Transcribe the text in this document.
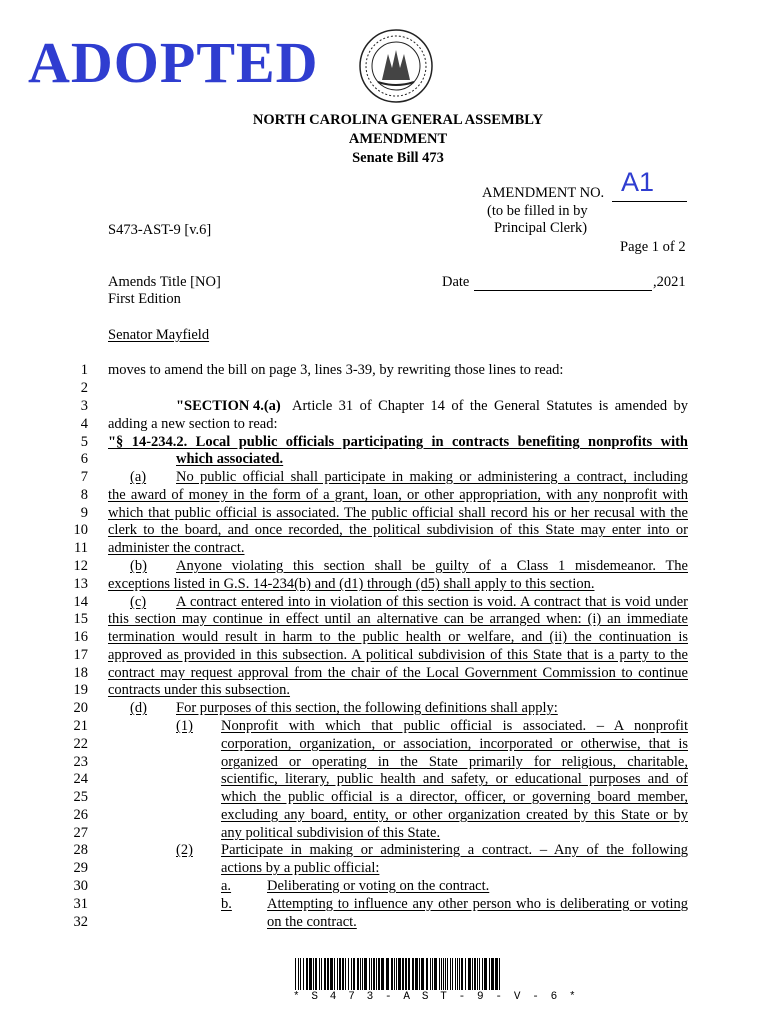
ADOPTED
NORTH CAROLINA GENERAL ASSEMBLY
AMENDMENT
Senate Bill 473
AMENDMENT NO. A1
(to be filled in by
Principal Clerk)
S473-AST-9 [v.6]
Page 1 of 2
Amends Title [NO]
First Edition
Date	,2021
Senator Mayfield
1
2
3
4
5
6
7
8
9
10
11
12
13
14
15
16
17
18
19
20
21
22
23
24
25
26
27
28
29
30
31
32
moves to amend the bill on page 3, lines 3-39, by rewriting those lines to read:
"SECTION 4.(a) Article 31 of Chapter 14 of the General Statutes is amended by
adding a new section to read:
"§ 14-234.2. Local public officials participating in contracts benefiting nonprofits with
which associated.
(a) No public official shall participate in making or administering a contract, including
the award of money in the form of a grant, loan, or other appropriation, with any nonprofit with
which that public official is associated. The public official shall record his or her recusal with the
clerk to the board, and once recorded, the political subdivision of this State may enter into or
administer the contract.
(b) Anyone violating this section shall be guilty of a Class 1 misdemeanor. The
exceptions listed in G.S. 14-234(b) and (d1) through (d5) shall apply to this section.
(c) A contract entered into in violation of this section is void. A contract that is void under
this section may continue in effect until an alternative can be arranged when: (i) an immediate
termination would result in harm to the public health or welfare, and (ii) the continuation is
approved as provided in this subsection. A political subdivision of this State that is a party to the
contract may request approval from the chair of the Local Government Commission to continue
contracts under this subsection.
(d) For purposes of this section, the following definitions shall apply:
(1) Nonprofit with which that public official is associated. – A nonprofit
corporation, organization, or association, incorporated or otherwise, that is
organized or operating in the State primarily for religious, charitable,
scientific, literary, public health and safety, or educational purposes and of
which the public official is a director, officer, or governing board member,
excluding any board, entity, or other organization created by this State or by
any political subdivision of this State.
(2) Participate in making or administering a contract. – Any of the following
actions by a public official:
a. Deliberating or voting on the contract.
b. Attempting to influence any other person who is deliberating or voting
on the contract.
* S 4 7 3 - A S T - 9 - V - 6 *
